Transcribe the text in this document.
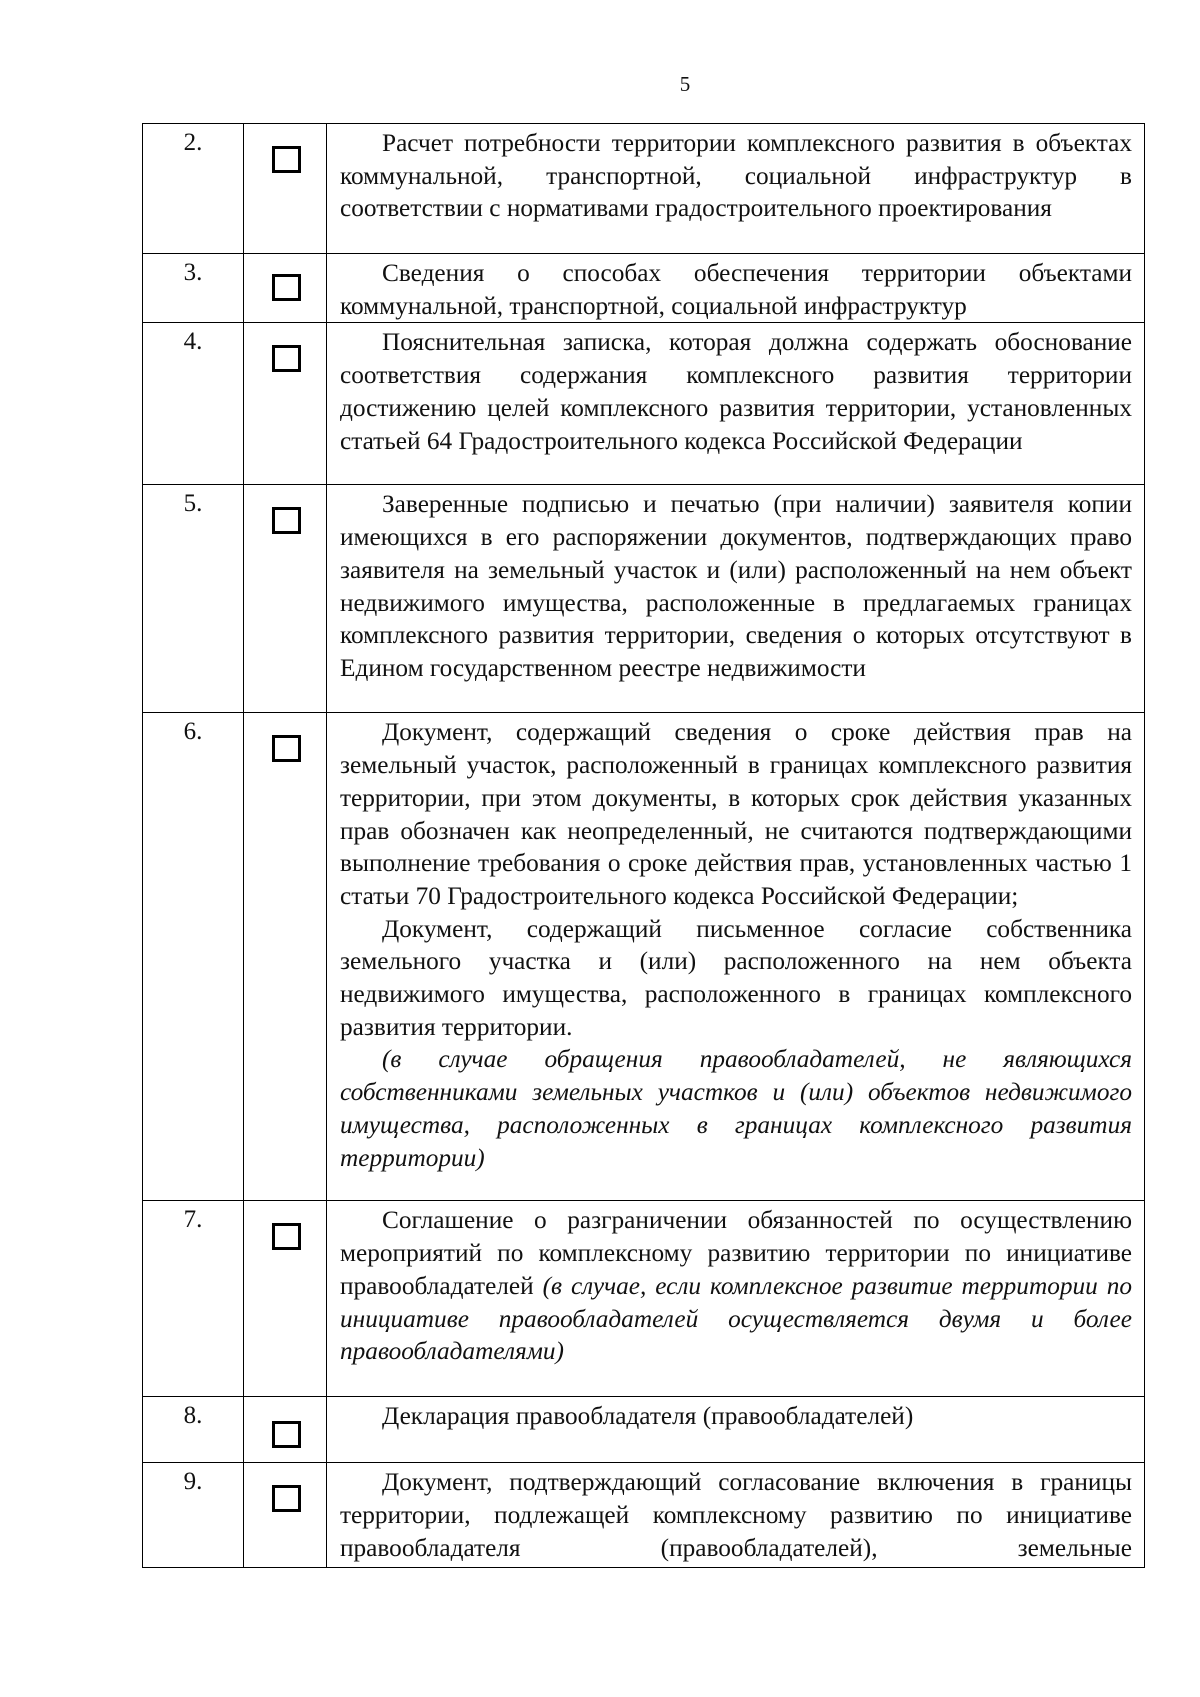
5
2.		Расчет потребности территории комплексного развития в объектах коммунальной, транспортной, социальной инфраструктур в соответствии с нормативами градостроительного проектирования

3.		Сведения о способах обеспечения территории объектами коммунальной, транспортной, социальной инфраструктур

4.		Пояснительная записка, которая должна содержать обоснование соответствия содержания комплексного развития территории достижению целей комплексного развития территории, установленных статьей 64 Градостроительного кодекса Российской Федерации

5.		Заверенные подписью и печатью (при наличии) заявителя копии имеющихся в его распоряжении документов, подтверждающих право заявителя на земельный участок и (или) расположенный на нем объект недвижимого имущества, расположенные в предлагаемых границах комплексного развития территории, сведения о которых отсутствуют в Едином государственном реестре недвижимости

6.		Документ, содержащий сведения о сроке действия прав на земельный участок, расположенный в границах комплексного развития территории, при этом документы, в которых срок действия указанных прав обозначен как неопределенный, не считаются подтверждающими выполнение требования о сроке действия прав, установленных частью 1 статьи 70 Градостроительного кодекса Российской Федерации;

Документ, содержащий письменное согласие собственника земельного участка и (или) расположенного на нем объекта недвижимого имущества, расположенного в границах комплексного развития территории.

(в случае обращения правообладателей, не являющихся собственниками земельных участков и (или) объектов недвижимого имущества, расположенных в границах комплексного развития территории)

7.		Соглашение о разграничении обязанностей по осуществлению мероприятий по комплексному развитию территории по инициативе правообладателей (в случае, если комплексное развитие территории по инициативе правообладателей осуществляется двумя и более правообладателями)

8.		Декларация правообладателя (правообладателей)

9.		Документ, подтверждающий согласование включения в границы территории, подлежащей комплексному развитию по инициативе правообладателя (правообладателей), земельные
